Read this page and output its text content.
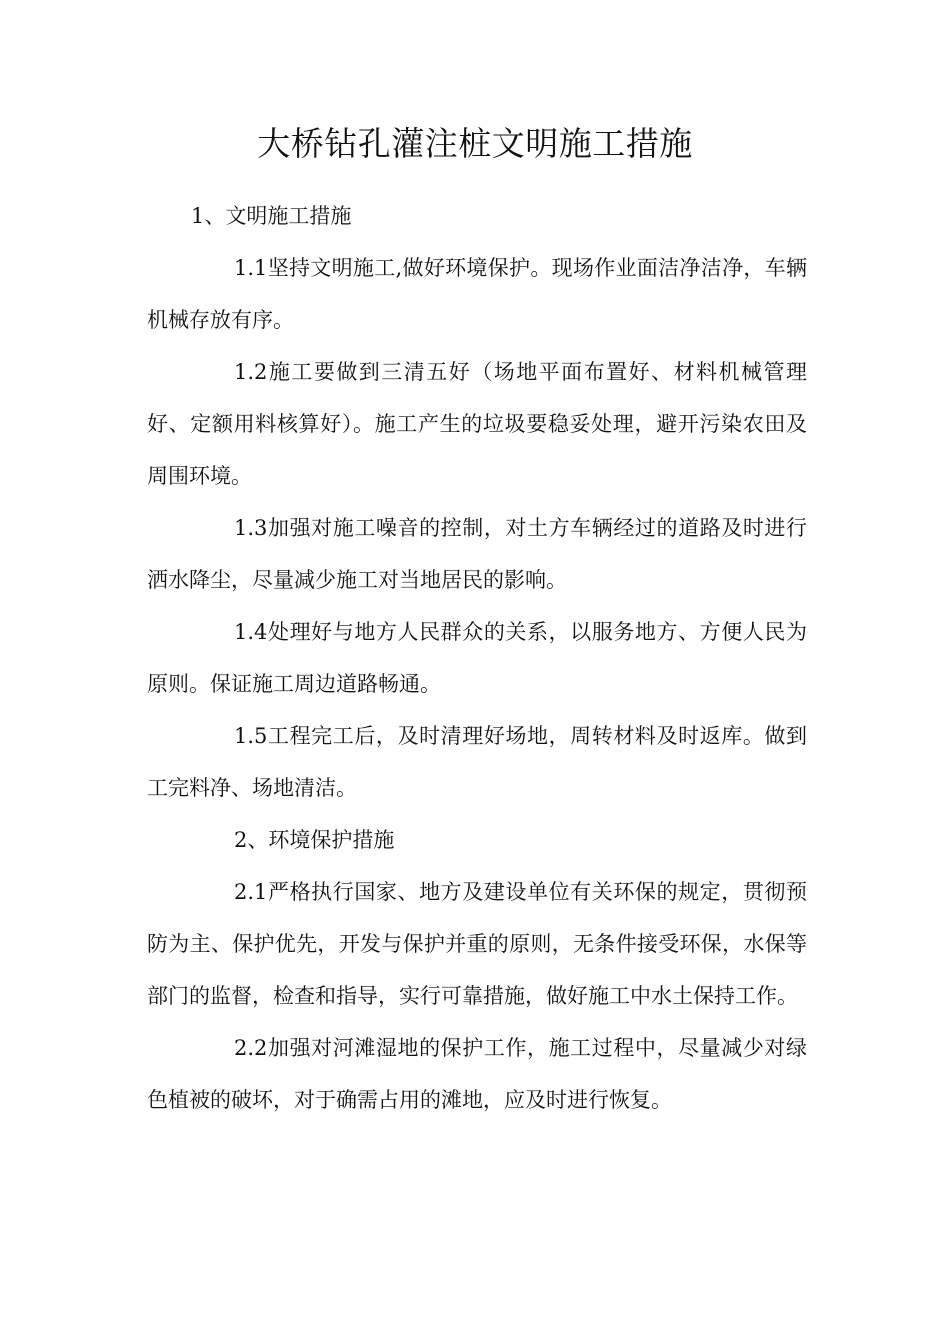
大桥钻孔灌注桩文明施工措施

1、文明施工措施

1.1坚持文明施工,做好环境保护。现场作业面洁净洁净，车辆机械存放有序。

1.2施工要做到三清五好（场地平面布置好、材料机械管理好、定额用料核算好）。施工产生的垃圾要稳妥处理，避开污染农田及周围环境。

1.3加强对施工噪音的控制，对土方车辆经过的道路及时进行洒水降尘，尽量减少施工对当地居民的影响。

1.4处理好与地方人民群众的关系，以服务地方、方便人民为原则。保证施工周边道路畅通。

1.5工程完工后，及时清理好场地，周转材料及时返库。做到工完料净、场地清洁。

2、环境保护措施

2.1严格执行国家、地方及建设单位有关环保的规定，贯彻预防为主、保护优先，开发与保护并重的原则，无条件接受环保，水保等部门的监督，检查和指导，实行可靠措施，做好施工中水土保持工作。

2.2加强对河滩湿地的保护工作，施工过程中，尽量减少对绿色植被的破坏，对于确需占用的滩地，应及时进行恢复。
